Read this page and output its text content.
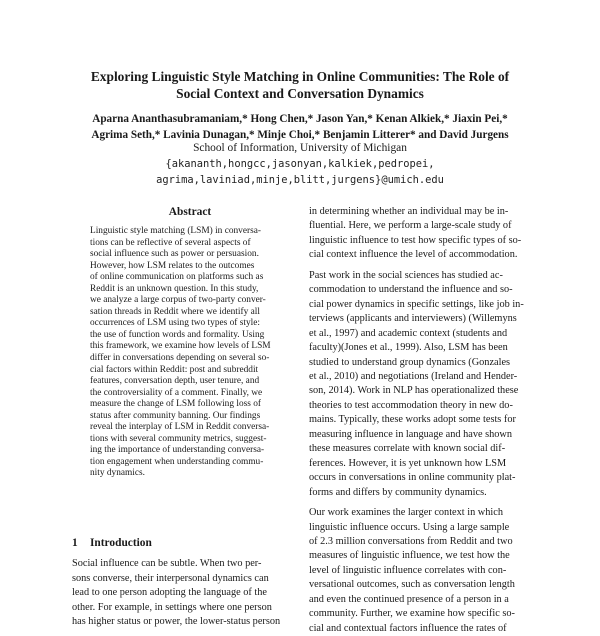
Exploring Linguistic Style Matching in Online Communities: The Role of
Social Context and Conversation Dynamics
Aparna Ananthasubramaniam,* Hong Chen,* Jason Yan,* Kenan Alkiek,* Jiaxin Pei,*
Agrima Seth,* Lavinia Dunagan,* Minje Choi,* Benjamin Litterer* and David Jurgens
School of Information, University of Michigan
{akananth,hongcc,jasonyan,kalkiek,pedropei,
agrima,laviniad,minje,blitt,jurgens}@umich.edu
Abstract
Linguistic style matching (LSM) in conversa-
tions can be reflective of several aspects of
social influence such as power or persuasion.
However, how LSM relates to the outcomes
of online communication on platforms such as
Reddit is an unknown question. In this study,
we analyze a large corpus of two-party conver-
sation threads in Reddit where we identify all
occurrences of LSM using two types of style:
the use of function words and formality. Using
this framework, we examine how levels of LSM
differ in conversations depending on several so-
cial factors within Reddit: post and subreddit
features, conversation depth, user tenure, and
the controversiality of a comment. Finally, we
measure the change of LSM following loss of
status after community banning. Our findings
reveal the interplay of LSM in Reddit conversa-
tions with several community metrics, suggest-
ing the importance of understanding conversa-
tion engagement when understanding commu-
nity dynamics.
1 Introduction
Social influence can be subtle. When two per-
sons converse, their interpersonal dynamics can
lead to one person adopting the language of the
other. For example, in settings where one person
has higher status or power, the lower-status person
in determining whether an individual may be in-
fluential. Here, we perform a large-scale study of
linguistic influence to test how specific types of so-
cial context influence the level of accommodation.
Past work in the social sciences has studied ac-
commodation to understand the influence and so-
cial power dynamics in specific settings, like job in-
terviews (applicants and interviewers) (Willemyns
et al., 1997) and academic context (students and
faculty)(Jones et al., 1999). Also, LSM has been
studied to understand group dynamics (Gonzales
et al., 2010) and negotiations (Ireland and Hender-
son, 2014). Work in NLP has operationalized these
theories to test accommodation theory in new do-
mains. Typically, these works adopt some tests for
measuring influence in language and have shown
these measures correlate with known social dif-
ferences. However, it is yet unknown how LSM
occurs in conversations in online community plat-
forms and differs by community dynamics.
Our work examines the larger context in which
linguistic influence occurs. Using a large sample
of 2.3 million conversations from Reddit and two
measures of linguistic influence, we test how the
level of linguistic influence correlates with con-
versational outcomes, such as conversation length
and even the continued presence of a person in a
community. Further, we examine how specific so-
cial and contextual factors influence the rates of
